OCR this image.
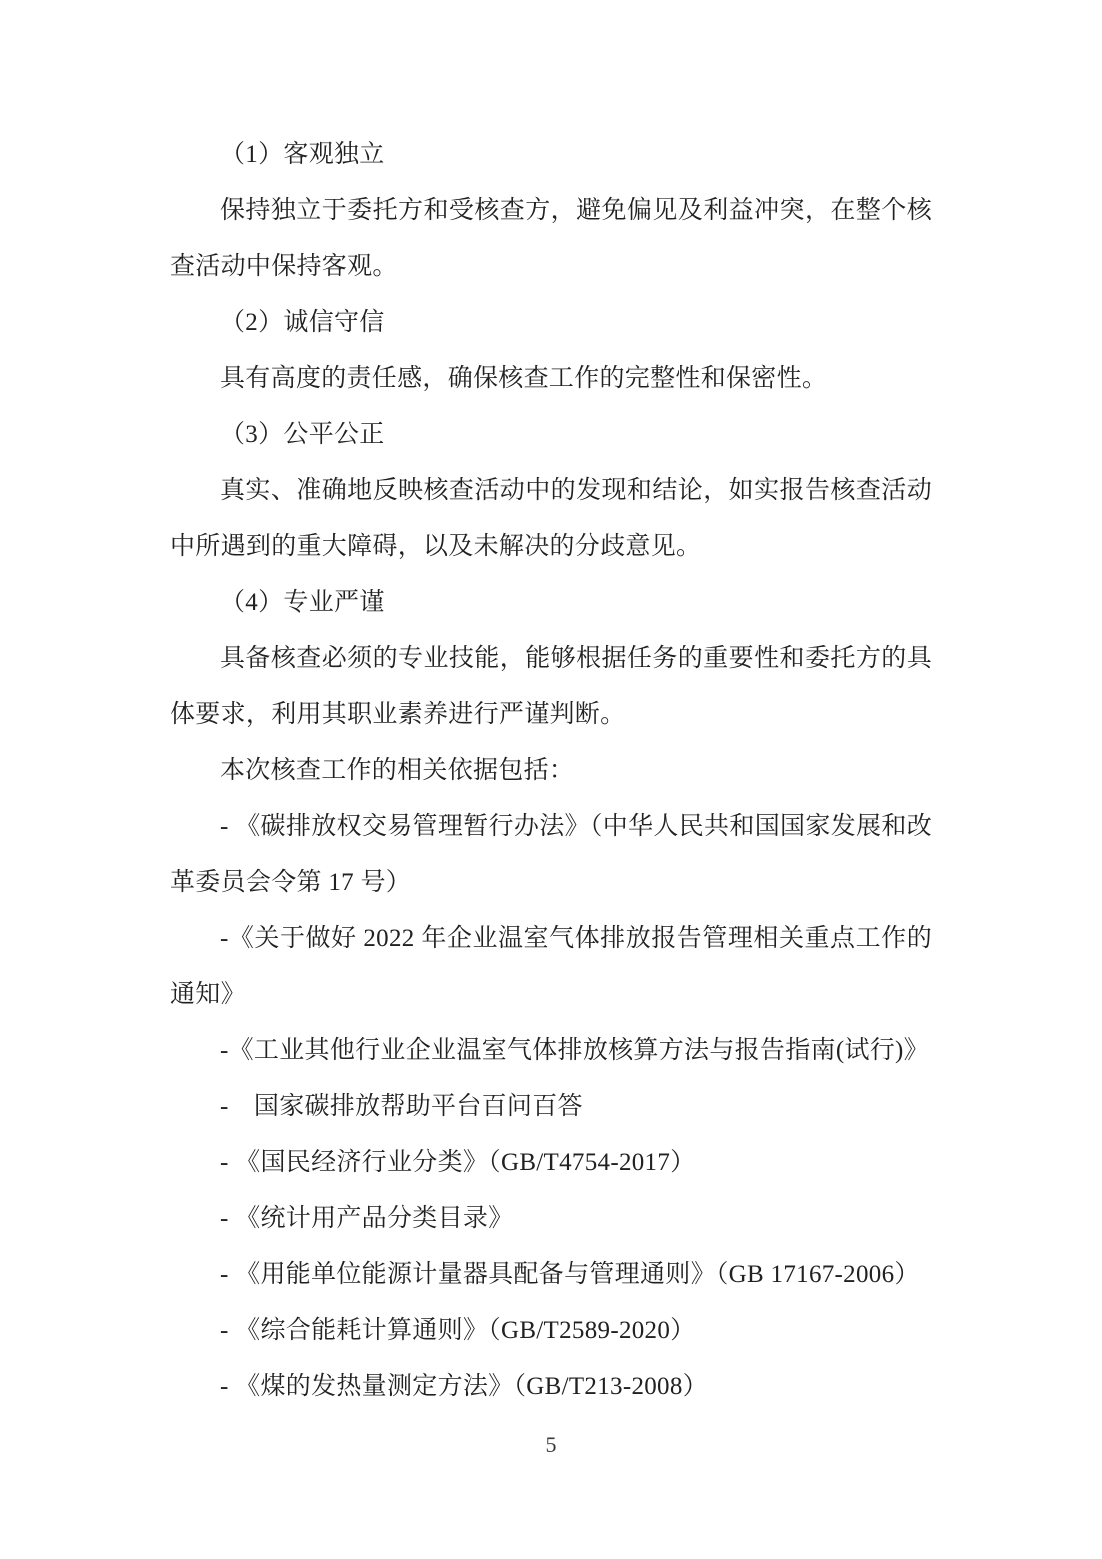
（1）客观独立

保持独立于委托方和受核查方，避免偏见及利益冲突，在整个核查活动中保持客观。

（2）诚信守信

具有高度的责任感，确保核查工作的完整性和保密性。

（3）公平公正

真实、准确地反映核查活动中的发现和结论，如实报告核查活动中所遇到的重大障碍，以及未解决的分歧意见。

（4）专业严谨

具备核查必须的专业技能，能够根据任务的重要性和委托方的具体要求，利用其职业素养进行严谨判断。

本次核查工作的相关依据包括：

- 《碳排放权交易管理暂行办法》（中华人民共和国国家发展和改革委员会令第 17 号）

-《关于做好 2022 年企业温室气体排放报告管理相关重点工作的通知》

-《工业其他行业企业温室气体排放核算方法与报告指南(试行)》

-　国家碳排放帮助平台百问百答

- 《国民经济行业分类》（GB/T4754-2017）

- 《统计用产品分类目录》

- 《用能单位能源计量器具配备与管理通则》（GB 17167-2006）

- 《综合能耗计算通则》（GB/T2589-2020）

- 《煤的发热量测定方法》（GB/T213-2008）

5
